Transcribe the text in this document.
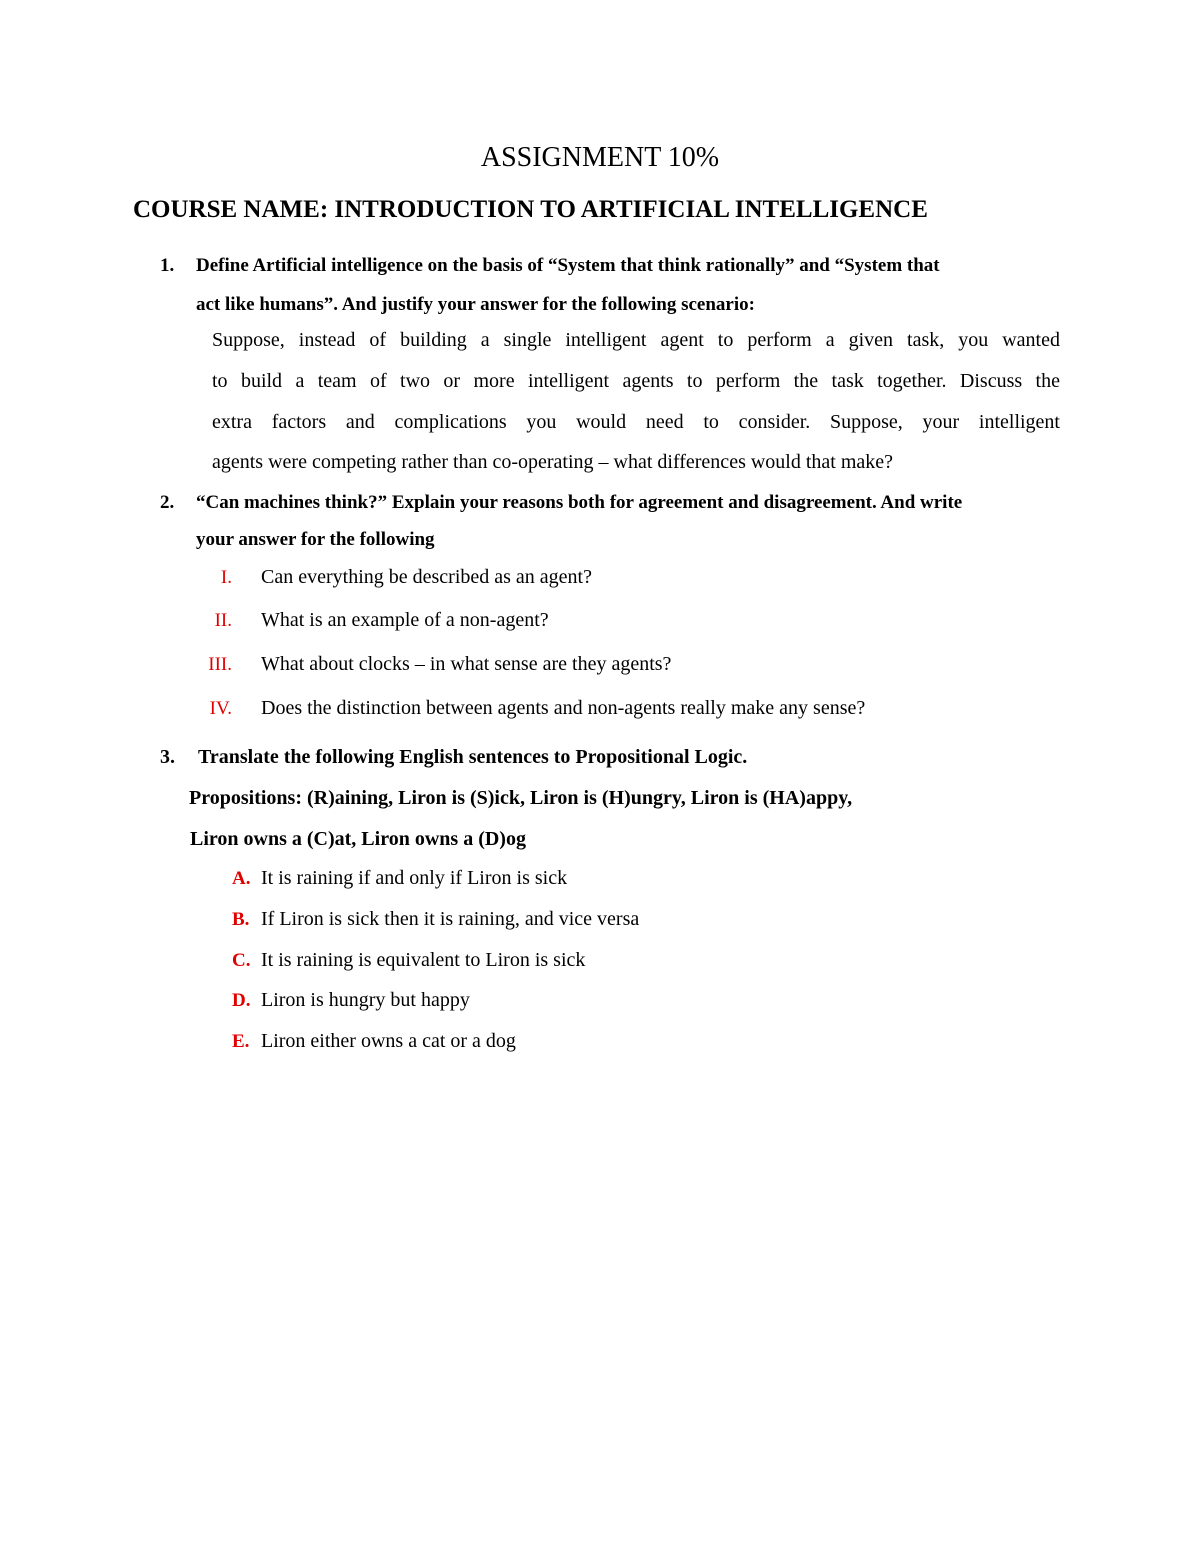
ASSIGNMENT 10%
COURSE NAME: INTRODUCTION TO ARTIFICIAL INTELLIGENCE
1. Define Artificial intelligence on the basis of “System that think rationally” and “System that
act like humans”. And justify your answer for the following scenario:
Suppose, instead of building a single intelligent agent to perform a given task, you wanted
to build a team of two or more intelligent agents to perform the task together. Discuss the
extra factors and complications you would need to consider. Suppose, your intelligent
agents were competing rather than co-operating – what differences would that make?
2. “Can machines think?” Explain your reasons both for agreement and disagreement. And write
your answer for the following
I. Can everything be described as an agent?
II. What is an example of a non-agent?
III. What about clocks – in what sense are they agents?
IV. Does the distinction between agents and non-agents really make any sense?
3. Translate the following English sentences to Propositional Logic.
Propositions: (R)aining, Liron is (S)ick, Liron is (H)ungry, Liron is (HA)appy,
Liron owns a (C)at, Liron owns a (D)og
A. It is raining if and only if Liron is sick
B. If Liron is sick then it is raining, and vice versa
C. It is raining is equivalent to Liron is sick
D. Liron is hungry but happy
E. Liron either owns a cat or a dog
